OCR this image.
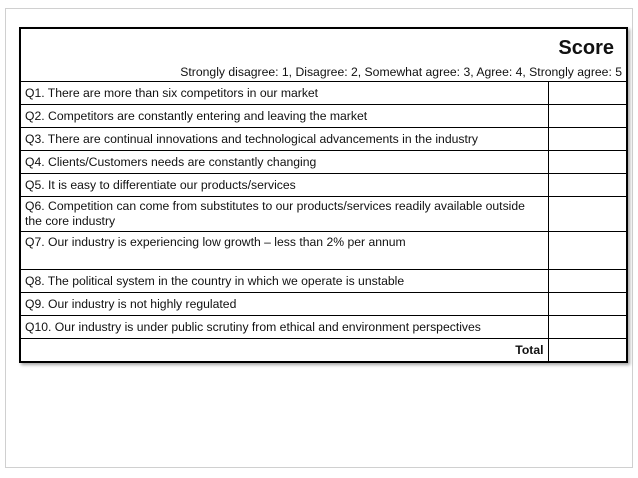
Score
Strongly disagree: 1, Disagree: 2, Somewhat agree: 3, Agree: 4, Strongly agree: 5	

Q1. There are more than six competitors in our market	
Q2. Competitors are constantly entering and leaving the market	
Q3. There are continual innovations and technological advancements in the industry	
Q4. Clients/Customers needs are constantly changing	
Q5. It is easy to differentiate our products/services	
Q6. Competition can come from substitutes to our products/services readily available outside the core industry	
Q7. Our industry is experiencing low growth – less than 2% per annum	
Q8. The political system in the country in which we operate is unstable	
Q9. Our industry is not highly regulated	
Q10. Our industry is under public scrutiny from ethical and environment perspectives	
Total	
